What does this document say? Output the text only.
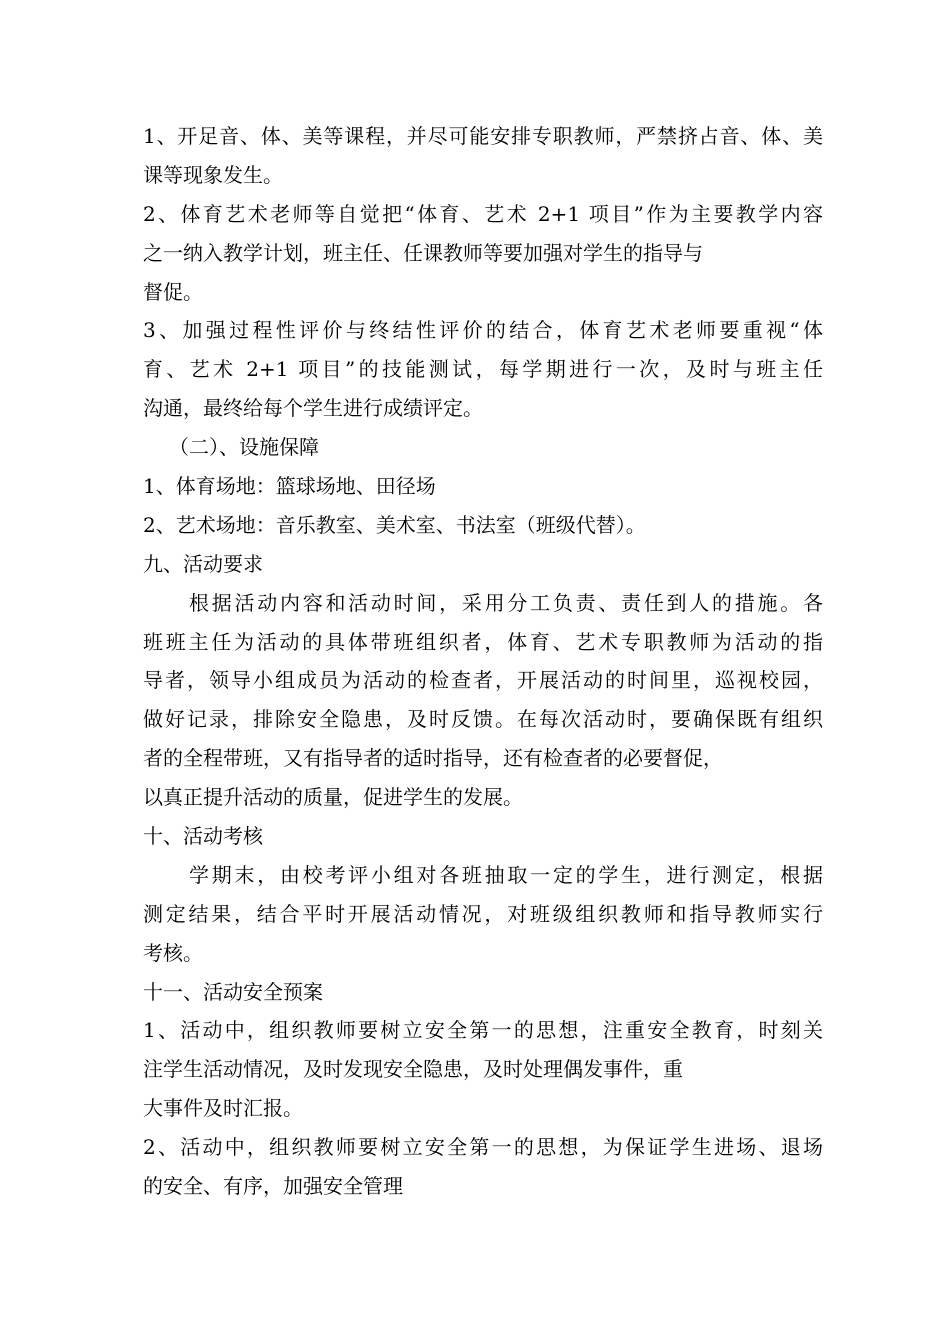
1、开足音、体、美等课程，并尽可能安排专职教师，严禁挤占音、体、美
课等现象发生。
2、体育艺术老师等自觉把“体育、艺术 2+1 项目”作为主要教学内容
之一纳入教学计划，班主任、任课教师等要加强对学生的指导与
督促。
3、加强过程性评价与终结性评价的结合，体育艺术老师要重视“体
育、艺术 2+1 项目”的技能测试，每学期进行一次，及时与班主任
沟通，最终给每个学生进行成绩评定。
（二）、设施保障
1、体育场地：篮球场地、田径场
2、艺术场地：音乐教室、美术室、书法室（班级代替）。
九、活动要求
根据活动内容和活动时间，采用分工负责、责任到人的措施。各
班班主任为活动的具体带班组织者，体育、艺术专职教师为活动的指
导者，领导小组成员为活动的检查者，开展活动的时间里，巡视校园，
做好记录，排除安全隐患，及时反馈。在每次活动时，要确保既有组织
者的全程带班，又有指导者的适时指导，还有检查者的必要督促，
以真正提升活动的质量，促进学生的发展。
十、活动考核
学期末，由校考评小组对各班抽取一定的学生，进行测定，根据
测定结果，结合平时开展活动情况，对班级组织教师和指导教师实行
考核。
十一、活动安全预案
1、活动中，组织教师要树立安全第一的思想，注重安全教育，时刻关
注学生活动情况，及时发现安全隐患，及时处理偶发事件，重
大事件及时汇报。
2、活动中，组织教师要树立安全第一的思想，为保证学生进场、退场
的安全、有序，加强安全管理
